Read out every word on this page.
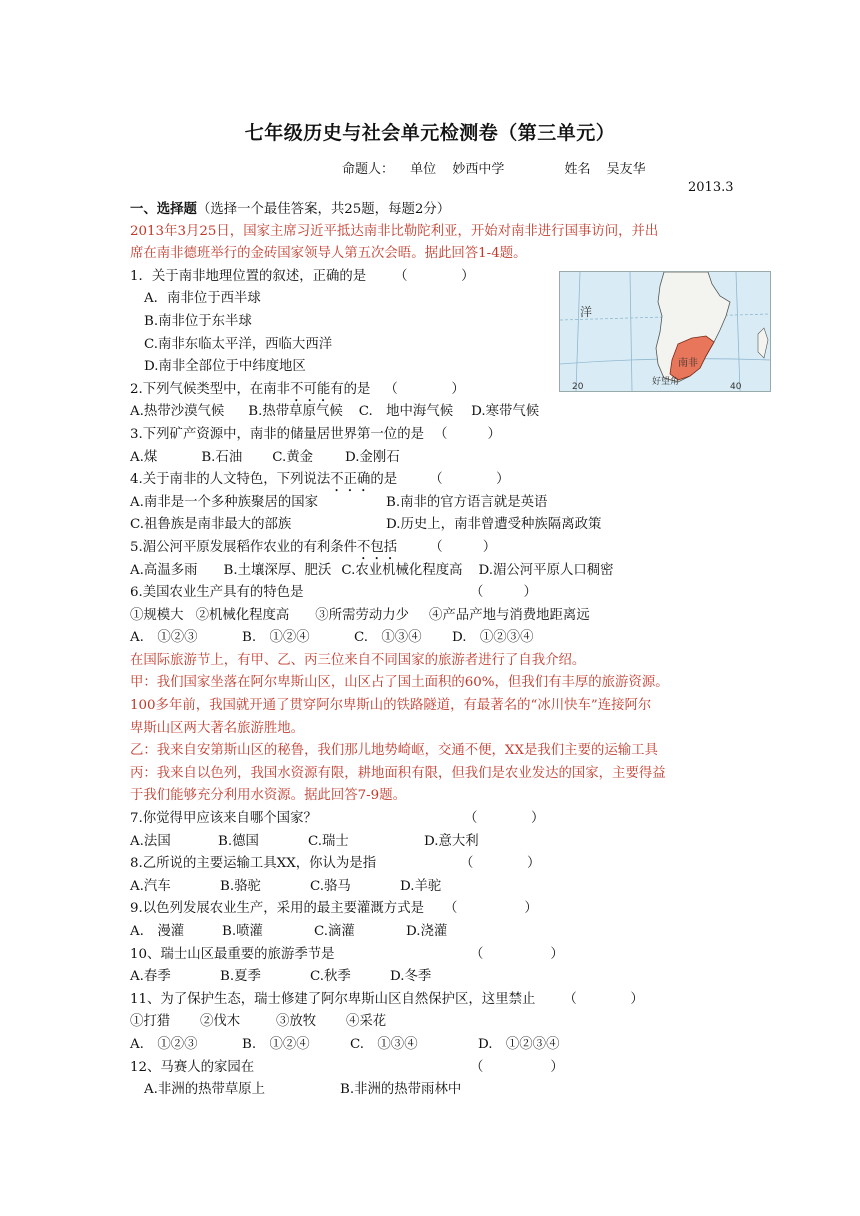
七年级历史与社会单元检测卷（第三单元）
命题人： 单位 妙西中学	姓名 吴友华
2013.3
一、选择题（选择一个最佳答案，共25题，每题2分）
2013年3月25日，国家主席习近平抵达南非比勒陀利亚，开始对南非进行国事访问，并出
席在南非德班举行的金砖国家领导人第五次会晤。据此回答1-4题。
1．关于南非地理位置的叙述，正确的是 （　　　　）
A．南非位于西半球
B.南非位于东半球
C.南非东临太平洋，西临大西洋
D.南非全部位于中纬度地区
2.下列气候类型中，在南非不可能有的是 （　　　　）
A.热带沙漠气候 B.热带草原气候 C.　地中海气候 D.寒带气候
3.下列矿产资源中，南非的储量居世界第一位的是 （　　　）
A.煤	B.石油 C.黄金 D.金刚石
4.关于南非的人文特色，下列说法不正确的是 （　　　　）
A.南非是一个多种族聚居的国家	B.南非的官方语言就是英语
C.祖鲁族是南非最大的部族	D.历史上，南非曾遭受种族隔离政策
5.湄公河平原发展稻作农业的有利条件不包括 （　　　）
A.高温多雨 B.土壤深厚、肥沃 C.农业机械化程度高 D.湄公河平原人口稠密
6.美国农业生产具有的特色是	（　　　）
①规模大 ②机械化程度高 ③所需劳动力少 ④产品产地与消费地距离远
A.　①②③	B.　①②④	C.　①③④ D.　①②③④
在国际旅游节上，有甲、乙、丙三位来自不同国家的旅游者进行了自我介绍。
甲：我们国家坐落在阿尔卑斯山区，山区占了国土面积的60%，但我们有丰厚的旅游资源。
100多年前，我国就开通了贯穿阿尔卑斯山的铁路隧道，有最著名的“冰川快车”连接阿尔
卑斯山区两大著名旅游胜地。
乙：我来自安第斯山区的秘鲁，我们那儿地势崎岖，交通不便，XX是我们主要的运输工具
丙：我来自以色列，我国水资源有限，耕地面积有限，但我们是农业发达的国家，主要得益
于我们能够充分利用水资源。据此回答7-9题。
7.你觉得甲应该来自哪个国家？	（　　　　）
A.法国	B.德国	C.瑞士	D.意大利
8.乙所说的主要运输工具XX，你认为是指	（　　　　）
A.汽车	B.骆驼	C.骆马	D.羊驼
9.以色列发展农业生产，采用的最主要灌溉方式是 （　　　　　）
A.　漫灌	B.喷灌	C.滴灌	D.浇灌
10、瑞士山区最重要的旅游季节是	（　　　　　）
A.春季	B.夏季	C.秋季	D.冬季
11、为了保护生态，瑞士修建了阿尔卑斯山区自然保护区，这里禁止 （　　　　）
①打猎 ②伐木	③放牧 ④采花
A.　①②③	B.　①②④	C.　①③④	D.　①②③④
12、马赛人的家园在	（　　　　　）
A.非洲的热带草原上	B.非洲的热带雨林中
洋
南非
好望角
20	40
